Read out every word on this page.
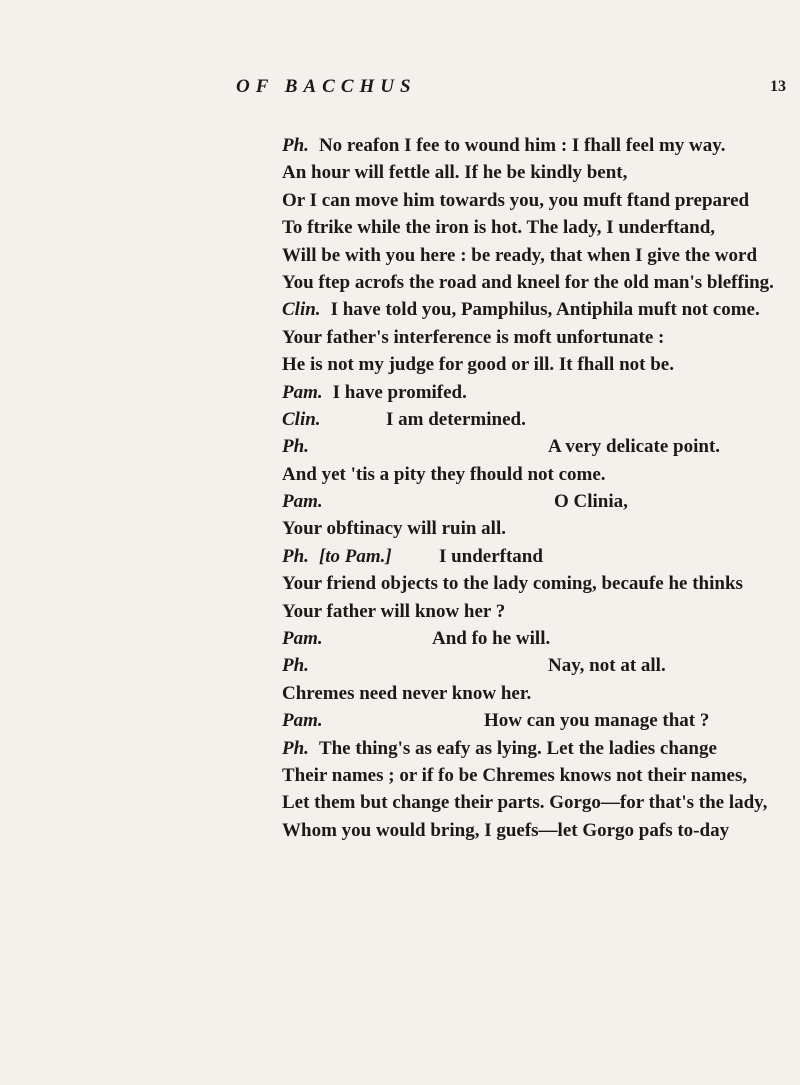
OF BACCHUS	13
Ph. No reafon I fee to wound him : I fhall feel my way.
An hour will fettle all. If he be kindly bent,
Or I can move him towards you, you muft ftand prepared
To ftrike while the iron is hot. The lady, I underftand,
Will be with you here : be ready, that when I give the word
You ftep acrofs the road and kneel for the old man's bleffing.
Clin. I have told you, Pamphilus, Antiphila muft not come.
Your father's interference is moft unfortunate :
He is not my judge for good or ill. It fhall not be.
Pam. I have promifed.
Clin.	I am determined.
Ph.	A very delicate point.
And yet 'tis a pity they fhould not come.
Pam.	O Clinia,
Your obftinacy will ruin all.
Ph. [to Pam.] I underftand
Your friend objects to the lady coming, becaufe he thinks
Your father will know her ?
Pam.	And fo he will.
Ph.	Nay, not at all.
Chremes need never know her.
Pam.	How can you manage that ?
Ph. The thing's as eafy as lying. Let the ladies change
Their names ; or if fo be Chremes knows not their names,
Let them but change their parts. Gorgo—for that's the lady,
Whom you would bring, I guefs—let Gorgo pafs to-day
